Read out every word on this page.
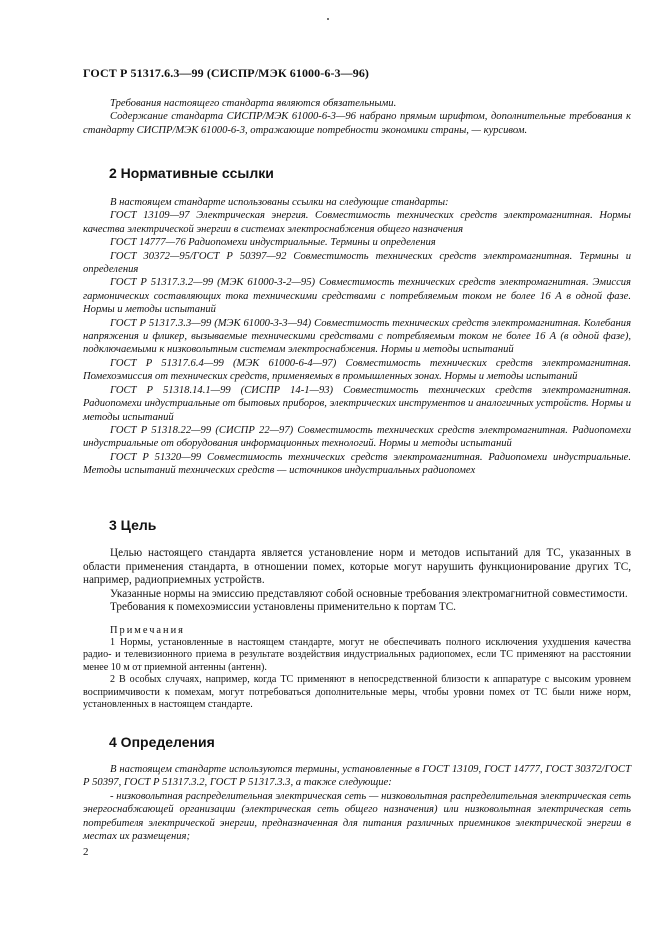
ГОСТ Р 51317.6.3—99 (СИСПР/МЭК 61000-6-3—96)

Требования настоящего стандарта являются обязательными.

Содержание стандарта СИСПР/МЭК 61000-6-3—96 набрано прямым шрифтом, дополнительные требования к стандарту СИСПР/МЭК 61000-6-3, отражающие потребности экономики страны, — курсивом.

2 Нормативные ссылки

В настоящем стандарте использованы ссылки на следующие стандарты:

ГОСТ 13109—97 Электрическая энергия. Совместимость технических средств электромагнитная. Нормы качества электрической энергии в системах электроснабжения общего назначения

ГОСТ 14777—76 Радиопомехи индустриальные. Термины и определения

ГОСТ 30372—95/ГОСТ Р 50397—92 Совместимость технических средств электромагнитная. Термины и определения

ГОСТ Р 51317.3.2—99 (МЭК 61000-3-2—95) Совместимость технических средств электромагнитная. Эмиссия гармонических составляющих тока техническими средствами с потребляемым током не более 16 А в одной фазе. Нормы и методы испытаний

ГОСТ Р 51317.3.3—99 (МЭК 61000-3-3—94) Совместимость технических средств электромагнитная. Колебания напряжения и фликер, вызываемые техническими средствами с потребляемым током не более 16 А (в одной фазе), подключаемыми к низковольтным системам электроснабжения. Нормы и методы испытаний

ГОСТ Р 51317.6.4—99 (МЭК 61000-6-4—97) Совместимость технических средств электромагнитная. Помехоэмиссия от технических средств, применяемых в промышленных зонах. Нормы и методы испытаний

ГОСТ Р 51318.14.1—99 (СИСПР 14-1—93) Совместимость технических средств электромагнитная. Радиопомехи индустриальные от бытовых приборов, электрических инструментов и аналогичных устройств. Нормы и методы испытаний

ГОСТ Р 51318.22—99 (СИСПР 22—97) Совместимость технических средств электромагнитная. Радиопомехи индустриальные от оборудования информационных технологий. Нормы и методы испытаний

ГОСТ Р 51320—99 Совместимость технических средств электромагнитная. Радиопомехи индустриальные. Методы испытаний технических средств — источников индустриальных радиопомех

3 Цель

Целью настоящего стандарта является установление норм и методов испытаний для ТС, указанных в области применения стандарта, в отношении помех, которые могут нарушить функционирование других ТС, например, радиоприемных устройств.

Указанные нормы на эмиссию представляют собой основные требования электромагнитной совместимости.

Требования к помехоэмиссии установлены применительно к портам ТС.

Примечания

1 Нормы, установленные в настоящем стандарте, могут не обеспечивать полного исключения ухудшения качества радио- и телевизионного приема в результате воздействия индустриальных радиопомех, если ТС применяют на расстоянии менее 10 м от приемной антенны (антенн).

2 В особых случаях, например, когда ТС применяют в непосредственной близости к аппаратуре с высоким уровнем восприимчивости к помехам, могут потребоваться дополнительные меры, чтобы уровни помех от ТС были ниже норм, установленных в настоящем стандарте.

4 Определения

В настоящем стандарте используются термины, установленные в ГОСТ 13109, ГОСТ 14777, ГОСТ 30372/ГОСТ Р 50397, ГОСТ Р 51317.3.2, ГОСТ Р 51317.3.3, а также следующие:

- низковольтная распределительная электрическая сеть — низковольтная распределительная электрическая сеть энергоснабжающей организации (электрическая сеть общего назначения) или низковольтная электрическая сеть потребителя электрической энергии, предназначенная для питания различных приемников электрической энергии в местах их размещения;

2
